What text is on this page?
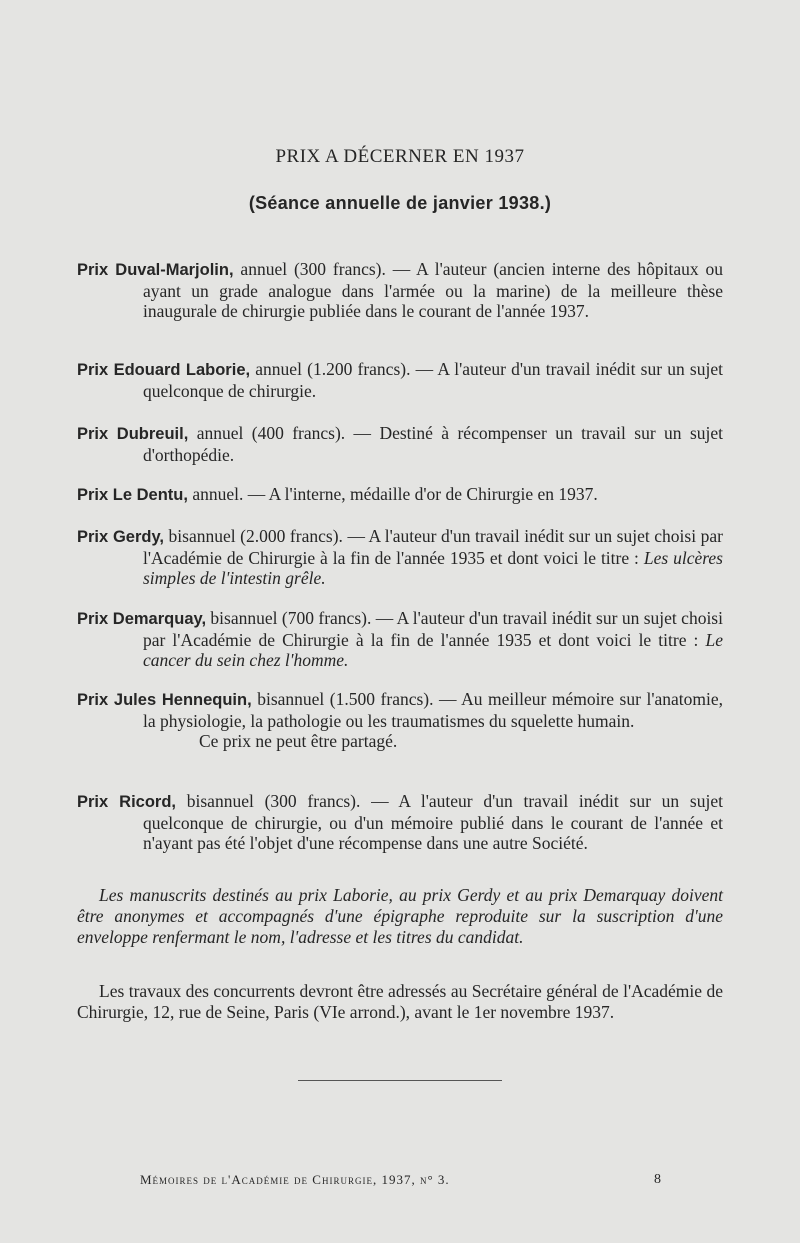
PRIX A DÉCERNER EN 1937
(Séance annuelle de janvier 1938.)
Prix Duval-Marjolin, annuel (300 francs). — A l'auteur (ancien interne des hôpitaux ou ayant un grade analogue dans l'armée ou la marine) de la meilleure thèse inaugurale de chirurgie publiée dans le courant de l'année 1937.
Prix Edouard Laborie, annuel (1.200 francs). — A l'auteur d'un travail inédit sur un sujet quelconque de chirurgie.
Prix Dubreuil, annuel (400 francs). — Destiné à récompenser un travail sur un sujet d'orthopédie.
Prix Le Dentu, annuel. — A l'interne, médaille d'or de Chirurgie en 1937.
Prix Gerdy, bisannuel (2.000 francs). — A l'auteur d'un travail inédit sur un sujet choisi par l'Académie de Chirurgie à la fin de l'année 1935 et dont voici le titre : Les ulcères simples de l'intestin grêle.
Prix Demarquay, bisannuel (700 francs). — A l'auteur d'un travail inédit sur un sujet choisi par l'Académie de Chirurgie à la fin de l'année 1935 et dont voici le titre : Le cancer du sein chez l'homme.
Prix Jules Hennequin, bisannuel (1.500 francs). — Au meilleur mémoire sur l'anatomie, la physiologie, la pathologie ou les traumatismes du squelette humain.
Ce prix ne peut être partagé.
Prix Ricord, bisannuel (300 francs). — A l'auteur d'un travail inédit sur un sujet quelconque de chirurgie, ou d'un mémoire publié dans le courant de l'année et n'ayant pas été l'objet d'une récompense dans une autre Société.
Les manuscrits destinés au prix Laborie, au prix Gerdy et au prix Demarquay doivent être anonymes et accompagnés d'une épigraphe reproduite sur la suscription d'une enveloppe renfermant le nom, l'adresse et les titres du candidat.
Les travaux des concurrents devront être adressés au Secrétaire général de l'Académie de Chirurgie, 12, rue de Seine, Paris (VIe arrond.), avant le 1er novembre 1937.
Mémoires de l'Académie de Chirurgie, 1937, n° 3.	8
